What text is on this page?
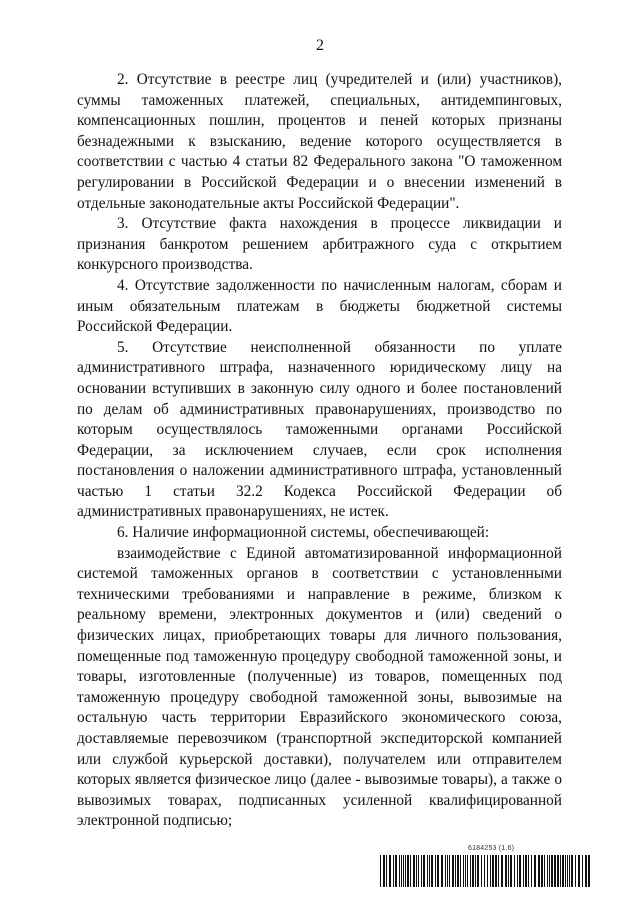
2

2. Отсутствие в реестре лиц (учредителей и (или) участников), суммы таможенных платежей, специальных, антидемпинговых, компенсационных пошлин, процентов и пеней которых признаны безнадежными к взысканию, ведение которого осуществляется в соответствии с частью 4 статьи 82 Федерального закона "О таможенном регулировании в Российской Федерации и о внесении изменений в отдельные законодательные акты Российской Федерации".

3. Отсутствие факта нахождения в процессе ликвидации и признания банкротом решением арбитражного суда с открытием конкурсного производства.

4. Отсутствие задолженности по начисленным налогам, сборам и иным обязательным платежам в бюджеты бюджетной системы Российской Федерации.

5. Отсутствие неисполненной обязанности по уплате административного штрафа, назначенного юридическому лицу на основании вступивших в законную силу одного и более постановлений по делам об административных правонарушениях, производство по которым осуществлялось таможенными органами Российской Федерации, за исключением случаев, если срок исполнения постановления о наложении административного штрафа, установленный частью 1 статьи 32.2 Кодекса Российской Федерации об административных правонарушениях, не истек.

6. Наличие информационной системы, обеспечивающей:

взаимодействие с Единой автоматизированной информационной системой таможенных органов в соответствии с установленными техническими требованиями и направление в режиме, близком к реальному времени, электронных документов и (или) сведений о физических лицах, приобретающих товары для личного пользования, помещенные под таможенную процедуру свободной таможенной зоны, и товары, изготовленные (полученные) из товаров, помещенных под таможенную процедуру свободной таможенной зоны, вывозимые на остальную часть территории Евразийского экономического союза, доставляемые перевозчиком (транспортной экспедиторской компанией или службой курьерской доставки), получателем или отправителем которых является физическое лицо (далее - вывозимые товары), а также о вывозимых товарах, подписанных усиленной квалифицированной электронной подписью;

6184253 (1.6)
